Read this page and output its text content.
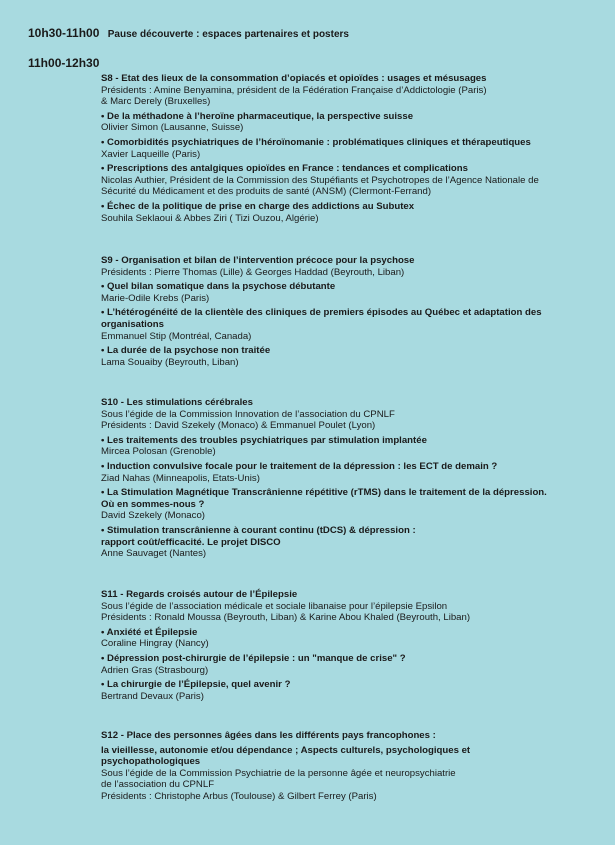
10h30-11h00 Pause découverte : espaces partenaires et posters
11h00-12h30
S8 - Etat des lieux de la consommation d’opiacés et opioïdes : usages et mésusages
Présidents : Amine Benyamina, président de la Fédération Française d’Addictologie (Paris)
& Marc Derely (Bruxelles)
• De la méthadone à l’heroïne pharmaceutique, la perspective suisse
Olivier Simon (Lausanne, Suisse)
• Comorbidités psychiatriques de l’héroïnomanie : problématiques cliniques et thérapeutiques
Xavier Laqueille (Paris)
• Prescriptions des antalgiques opioïdes en France : tendances et complications
Nicolas Authier, Président de la Commission des Stupéfiants et Psychotropes de l’Agence Nationale de
Sécurité du Médicament et des produits de santé (ANSM) (Clermont-Ferrand)
• Échec de la politique de prise en charge des addictions au Subutex
Souhila Seklaoui & Abbes Ziri ( Tizi Ouzou, Algérie)
S9 - Organisation et bilan de l’intervention précoce pour la psychose
Présidents : Pierre Thomas (Lille) & Georges Haddad (Beyrouth, Liban)
• Quel bilan somatique dans la psychose débutante
Marie-Odile Krebs (Paris)
• L’hétérogénéité de la clientèle des cliniques de premiers épisodes au Québec et adaptation des
organisations
Emmanuel Stip (Montréal, Canada)
• La durée de la psychose non traitée
Lama Souaiby (Beyrouth, Liban)
S10 - Les stimulations cérébrales
Sous l’égide de la Commission Innovation de l’association du CPNLF
Présidents : David Szekely (Monaco) & Emmanuel Poulet (Lyon)
• Les traitements des troubles psychiatriques par stimulation implantée
Mircea Polosan (Grenoble)
• Induction convulsive focale pour le traitement de la dépression : les ECT de demain ?
Ziad Nahas (Minneapolis, Etats-Unis)
• La Stimulation Magnétique Transcrânienne répétitive (rTMS) dans le traitement de la dépression.
Où en sommes-nous ?
David Szekely (Monaco)
• Stimulation transcrânienne à courant continu (tDCS) & dépression :
rapport coût/efficacité. Le projet DISCO
Anne Sauvaget (Nantes)
S11 - Regards croisés autour de l’Épilepsie
Sous l’égide de l’association médicale et sociale libanaise pour l’épilepsie Epsilon
Présidents : Ronald Moussa (Beyrouth, Liban) & Karine Abou Khaled (Beyrouth, Liban)
• Anxiété et Épilepsie
Coraline Hingray (Nancy)
• Dépression post-chirurgie de l’épilepsie : un "manque de crise" ?
Adrien Gras (Strasbourg)
• La chirurgie de l’Épilepsie, quel avenir ?
Bertrand Devaux (Paris)
S12 - Place des personnes âgées dans les différents pays francophones :
la vieillesse, autonomie et/ou dépendance ; Aspects culturels, psychologiques et
psychopathologiques
Sous l’égide de la Commission Psychiatrie de la personne âgée et neuropsychiatrie
de l’association du CPNLF
Présidents : Christophe Arbus (Toulouse) & Gilbert Ferrey (Paris)
